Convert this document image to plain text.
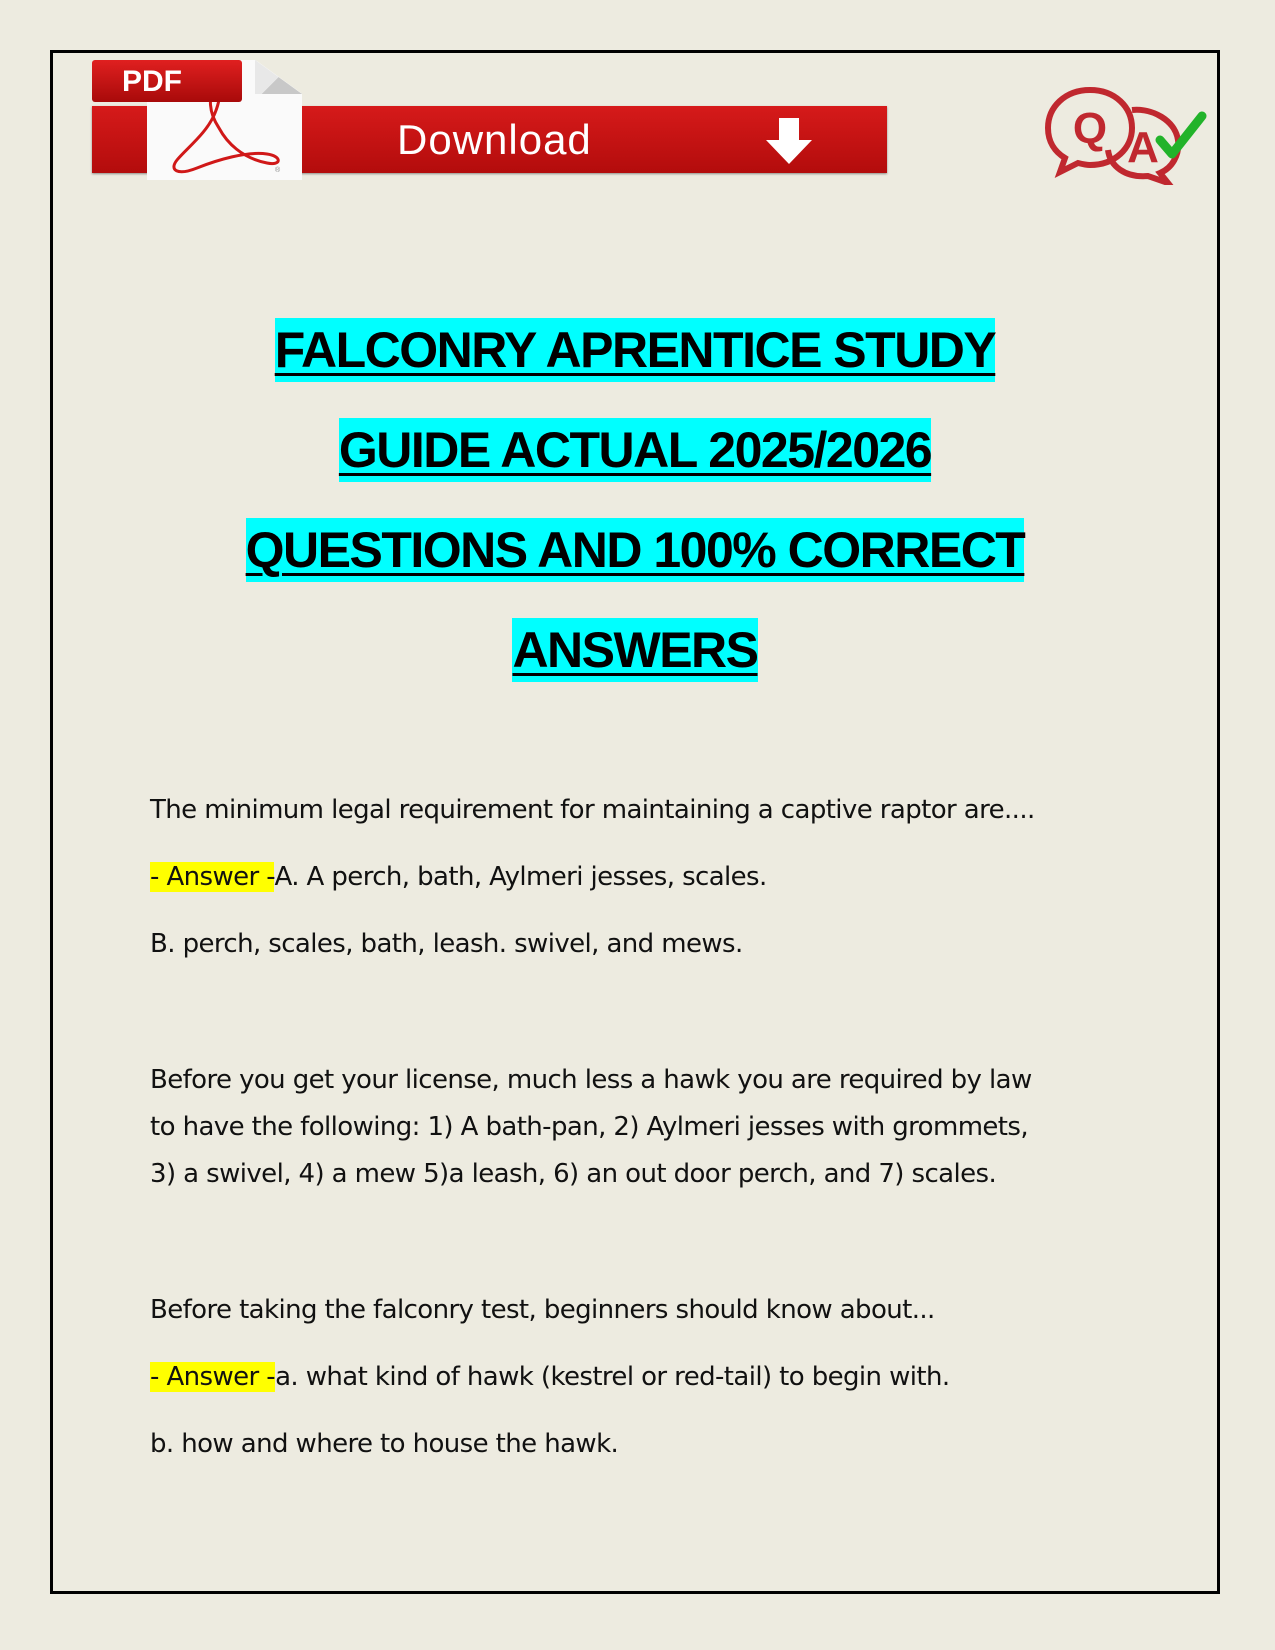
Download
®
PDF
Q A
FALCONRY APRENTICE STUDY
GUIDE ACTUAL 2025/2026
QUESTIONS AND 100% CORRECT
ANSWERS

The minimum legal requirement for maintaining a captive raptor are....

- Answer -A. A perch, bath, Aylmeri jesses, scales.

B. perch, scales, bath, leash. swivel, and mews.

Before you get your license, much less a hawk you are required by law

to have the following: 1) A bath-pan, 2) Aylmeri jesses with grommets,

3) a swivel, 4) a mew 5)a leash, 6) an out door perch, and 7) scales.

Before taking the falconry test, beginners should know about...

- Answer -a. what kind of hawk (kestrel or red-tail) to begin with.

b. how and where to house the hawk.
